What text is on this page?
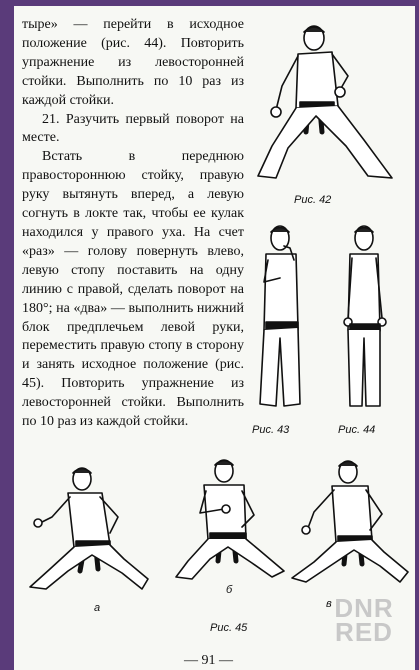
тыре» — перейти в исходное положение (рис. 44). Повторить упражнение из левосторонней стойки. Выполнить по 10 раз из каждой стойки.

21. Разучить первый поворот на месте.

Встать в переднюю правостороннюю стойку, правую руку вытянуть вперед, а левую согнуть в локте так, чтобы ее кулак находился у правого уха. На счет «раз» — голову повернуть влево, левую стопу поставить на одну линию с правой, сделать поворот на 180°; на «два» — выполнить нижний блок предплечьем левой руки, переместить правую стопу в сторону и занять исходное положение (рис. 45). Повторить упражнение из левосторонней стойки. Выполнить по 10 раз из каждой стойки.

Рис. 42
Рис. 43	Рис. 44
а
б
в
Рис. 45
— 91 —
DNR
RED
